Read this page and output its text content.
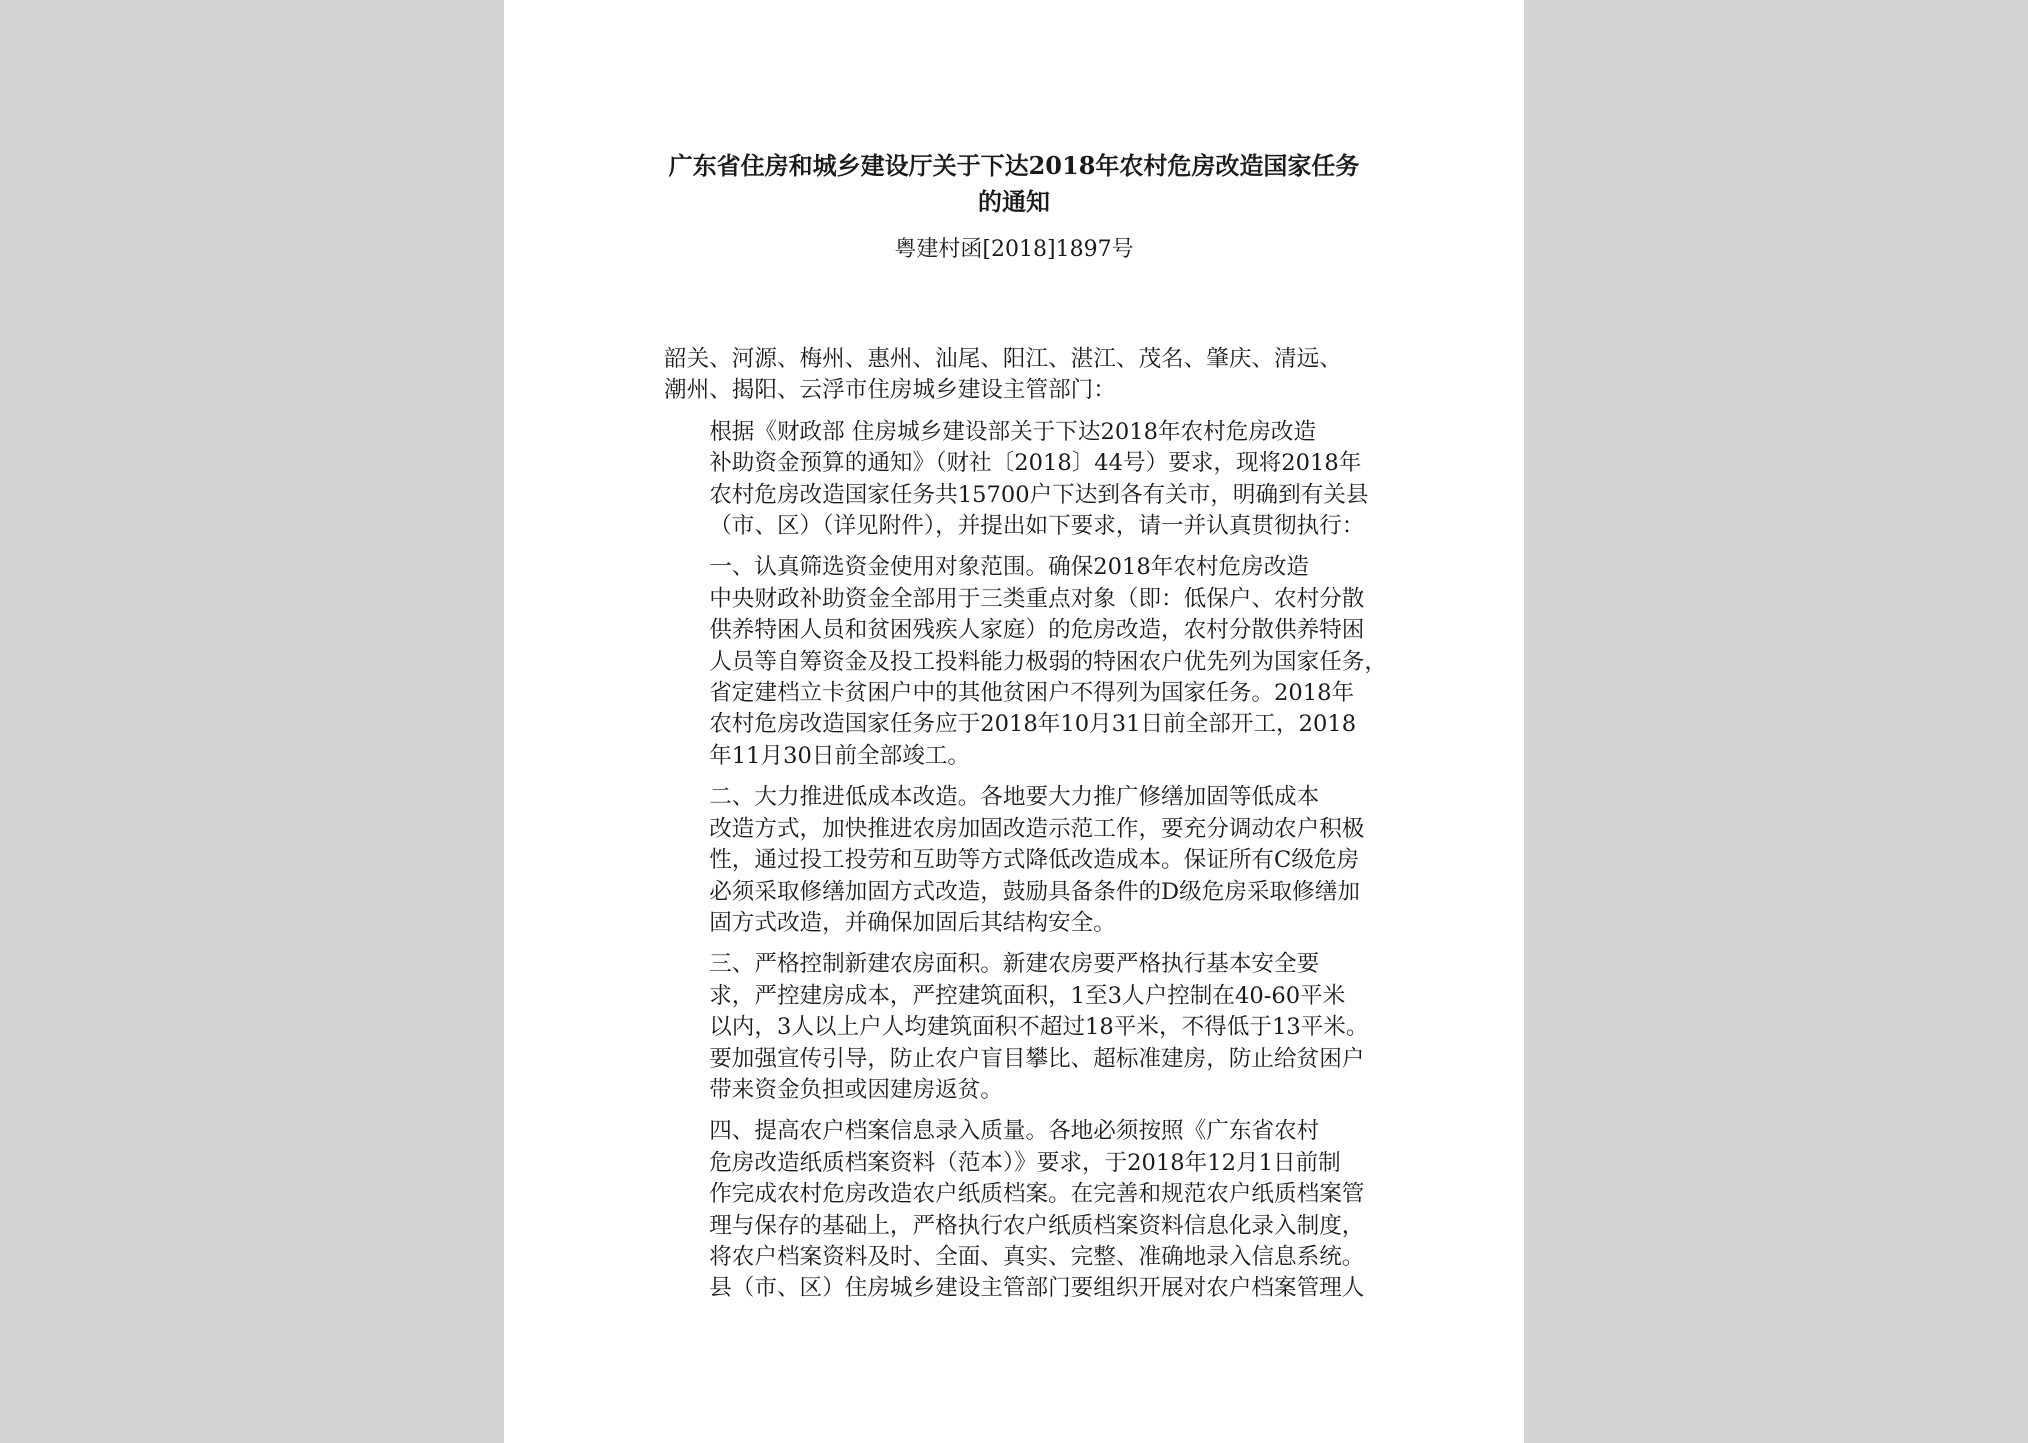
广东省住房和城乡建设厅关于下达2018年农村危房改造国家任务
的通知
粤建村函[2018]1897号

韶关、河源、梅州、惠州、汕尾、阳江、湛江、茂名、肇庆、清远、
潮州、揭阳、云浮市住房城乡建设主管部门：

根据《财政部 住房城乡建设部关于下达2018年农村危房改造
补助资金预算的通知》（财社〔2018〕44号）要求，现将2018年
农村危房改造国家任务共15700户下达到各有关市，明确到有关县
（市、区）（详见附件），并提出如下要求，请一并认真贯彻执行：

一、认真筛选资金使用对象范围。确保2018年农村危房改造
中央财政补助资金全部用于三类重点对象（即：低保户、农村分散
供养特困人员和贫困残疾人家庭）的危房改造，农村分散供养特困
人员等自筹资金及投工投料能力极弱的特困农户优先列为国家任务，
省定建档立卡贫困户中的其他贫困户不得列为国家任务。2018年
农村危房改造国家任务应于2018年10月31日前全部开工，2018
年11月30日前全部竣工。

二、大力推进低成本改造。各地要大力推广修缮加固等低成本
改造方式，加快推进农房加固改造示范工作，要充分调动农户积极
性，通过投工投劳和互助等方式降低改造成本。保证所有C级危房
必须采取修缮加固方式改造，鼓励具备条件的D级危房采取修缮加
固方式改造，并确保加固后其结构安全。

三、严格控制新建农房面积。新建农房要严格执行基本安全要
求，严控建房成本，严控建筑面积，1至3人户控制在40-60平米
以内，3人以上户人均建筑面积不超过18平米，不得低于13平米。
要加强宣传引导，防止农户盲目攀比、超标准建房，防止给贫困户
带来资金负担或因建房返贫。

四、提高农户档案信息录入质量。各地必须按照《广东省农村
危房改造纸质档案资料（范本）》要求，于2018年12月1日前制
作完成农村危房改造农户纸质档案。在完善和规范农户纸质档案管
理与保存的基础上，严格执行农户纸质档案资料信息化录入制度，
将农户档案资料及时、全面、真实、完整、准确地录入信息系统。
县（市、区）住房城乡建设主管部门要组织开展对农户档案管理人
